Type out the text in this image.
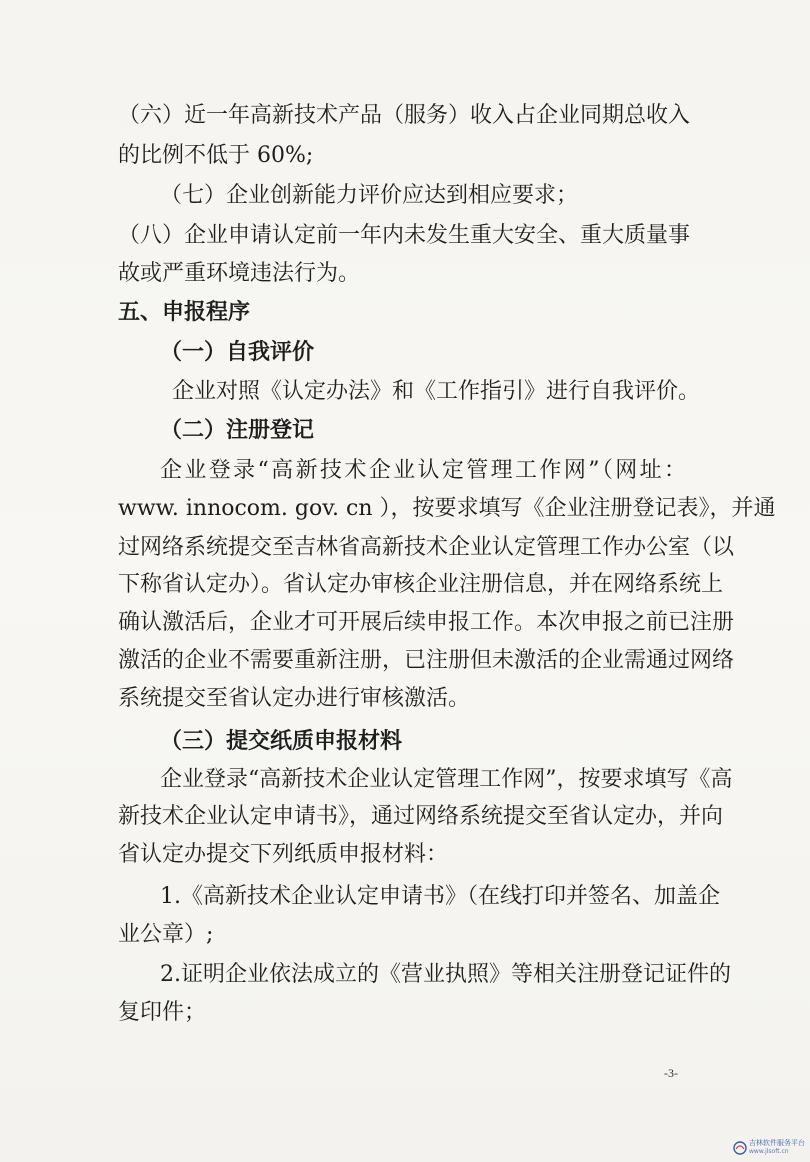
（六）近一年高新技术产品（服务）收入占企业同期总收入

的比例不低于 60%;

（七）企业创新能力评价应达到相应要求；

（八）企业申请认定前一年内未发生重大安全、重大质量事

故或严重环境违法行为。

五、申报程序

（一）自我评价

企业对照《认定办法》和《工作指引》进行自我评价。

（二）注册登记

企业登录“高新技术企业认定管理工作网”（网址：

www. innocom. gov. cn ），按要求填写《企业注册登记表》，并通

过网络系统提交至吉林省高新技术企业认定管理工作办公室（以

下称省认定办）。省认定办审核企业注册信息，并在网络系统上

确认激活后，企业才可开展后续申报工作。本次申报之前已注册

激活的企业不需要重新注册，已注册但未激活的企业需通过网络

系统提交至省认定办进行审核激活。

（三）提交纸质申报材料

企业登录“高新技术企业认定管理工作网”，按要求填写《高

新技术企业认定申请书》，通过网络系统提交至省认定办，并向

省认定办提交下列纸质申报材料：

1.《高新技术企业认定申请书》（在线打印并签名、加盖企

业公章）;

2.证明企业依法成立的《营业执照》等相关注册登记证件的

复印件；

-3-
吉林软件服务平台
www.jlsoft.cn
